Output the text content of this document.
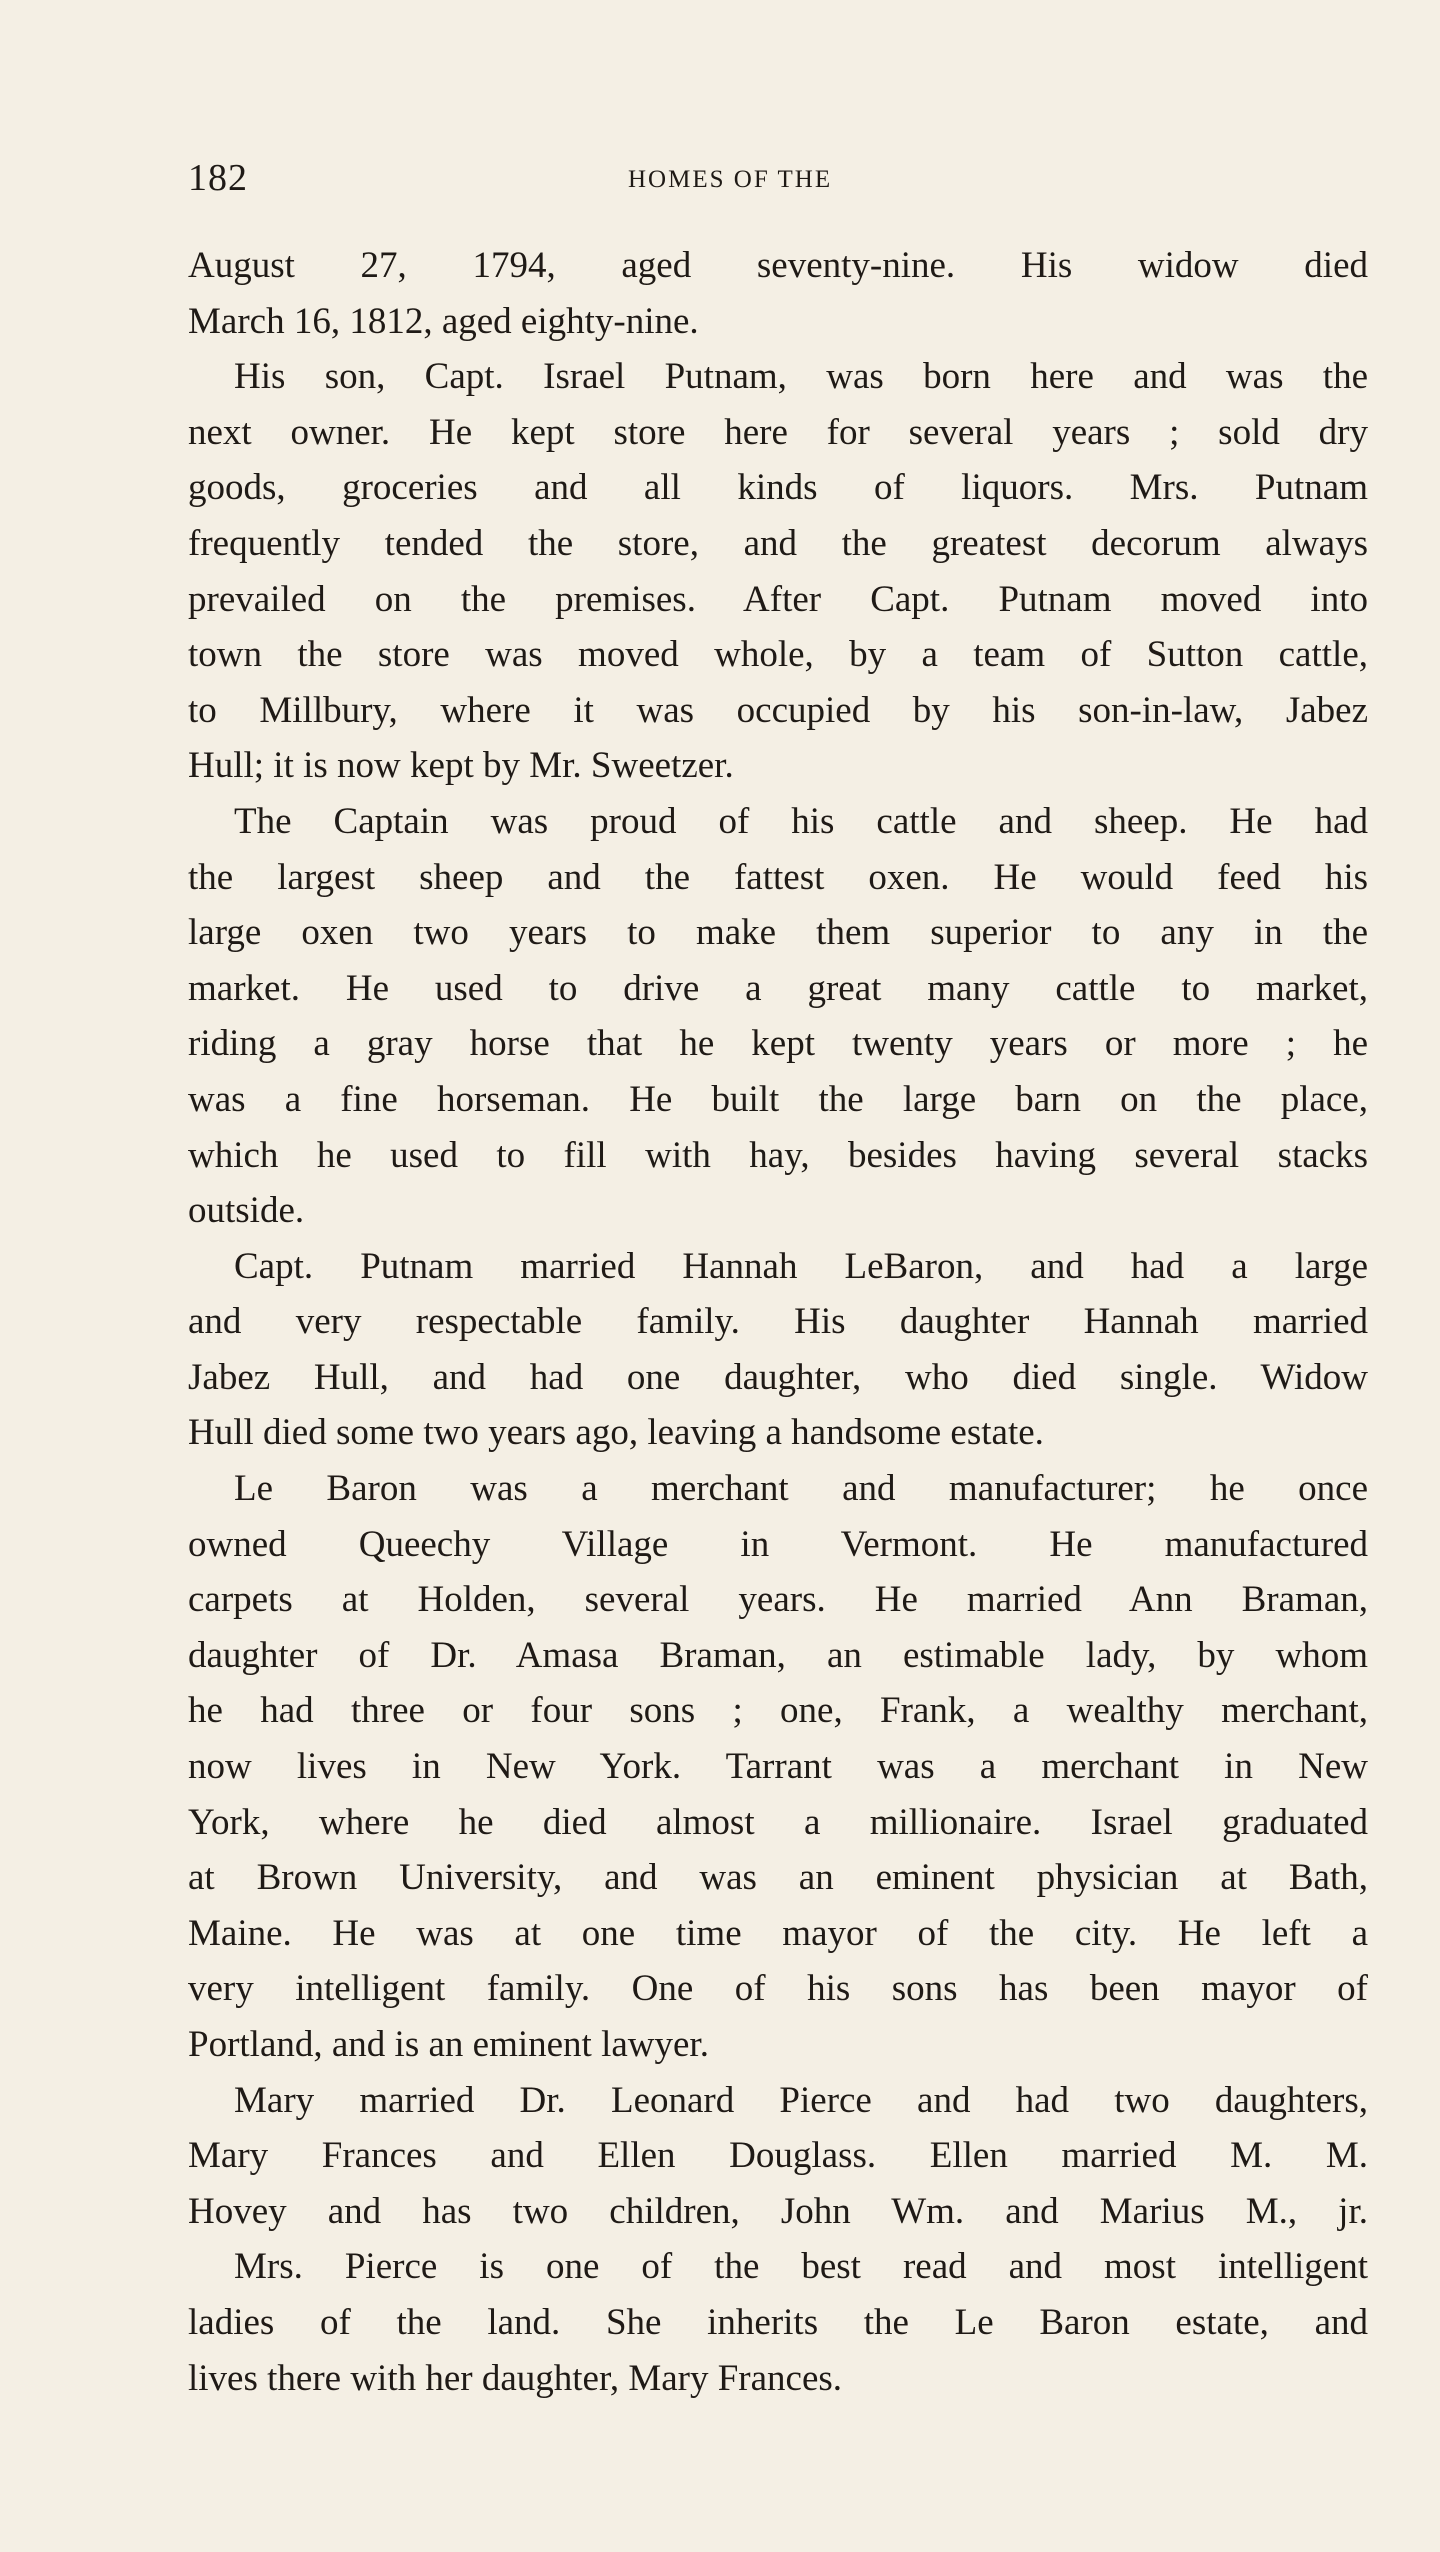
182	HOMES OF THE
August 27, 1794, aged seventy-nine. His widow died
March 16, 1812, aged eighty-nine.
His son, Capt. Israel Putnam, was born here and was the
next owner. He kept store here for several years ; sold dry
goods, groceries and all kinds of liquors. Mrs. Putnam
frequently tended the store, and the greatest decorum always
prevailed on the premises. After Capt. Putnam moved into
town the store was moved whole, by a team of Sutton cattle,
to Millbury, where it was occupied by his son-in-law, Jabez
Hull; it is now kept by Mr. Sweetzer.
The Captain was proud of his cattle and sheep. He had
the largest sheep and the fattest oxen. He would feed his
large oxen two years to make them superior to any in the
market. He used to drive a great many cattle to market,
riding a gray horse that he kept twenty years or more ; he
was a fine horseman. He built the large barn on the place,
which he used to fill with hay, besides having several stacks
outside.
Capt. Putnam married Hannah LeBaron, and had a large
and very respectable family. His daughter Hannah married
Jabez Hull, and had one daughter, who died single. Widow
Hull died some two years ago, leaving a handsome estate.
Le Baron was a merchant and manufacturer; he once
owned Queechy Village in Vermont. He manufactured
carpets at Holden, several years. He married Ann Braman,
daughter of Dr. Amasa Braman, an estimable lady, by whom
he had three or four sons ; one, Frank, a wealthy merchant,
now lives in New York. Tarrant was a merchant in New
York, where he died almost a millionaire. Israel graduated
at Brown University, and was an eminent physician at Bath,
Maine. He was at one time mayor of the city. He left a
very intelligent family. One of his sons has been mayor of
Portland, and is an eminent lawyer.
Mary married Dr. Leonard Pierce and had two daughters,
Mary Frances and Ellen Douglass. Ellen married M. M.
Hovey and has two children, John Wm. and Marius M., jr.
Mrs. Pierce is one of the best read and most intelligent
ladies of the land. She inherits the Le Baron estate, and
lives there with her daughter, Mary Frances.
